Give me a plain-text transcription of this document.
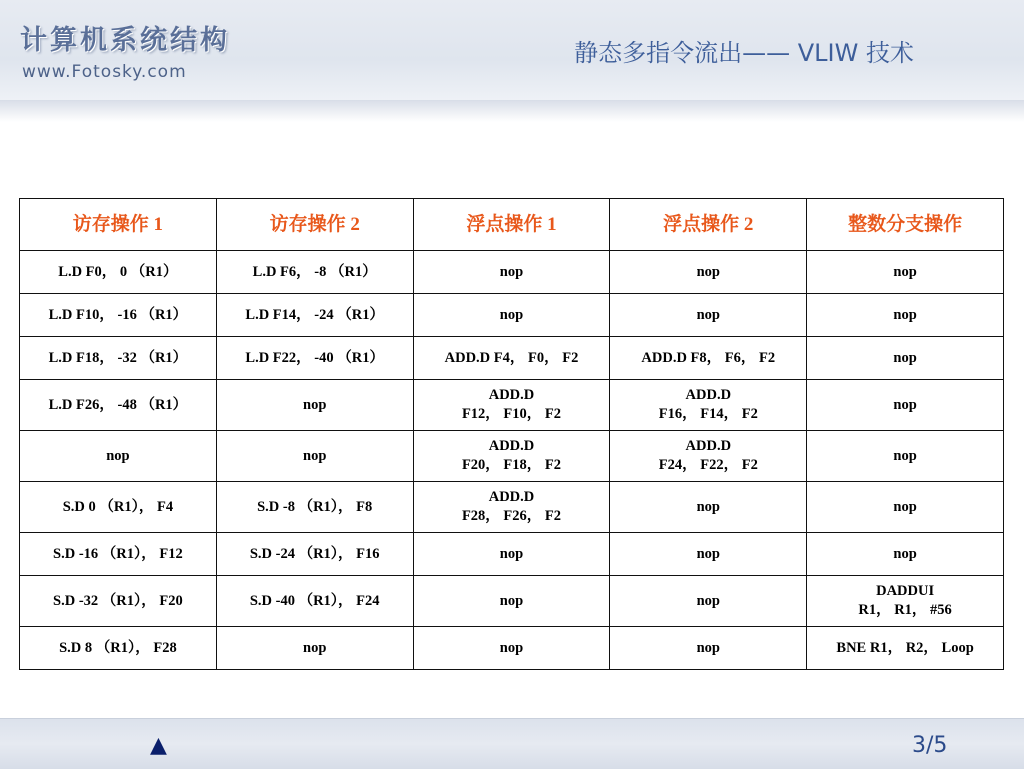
计算机系统结构
www.Fotosky.com
静态多指令流出—— VLIW 技术
访存操作 1	访存操作 2	浮点操作 1	浮点操作 2	整数分支操作

L.D F0， 0 （R1）	L.D F6， -8 （R1）	nop	nop	nop

L.D F10， -16 （R1）	L.D F14， -24 （R1）	nop	nop	nop

L.D F18， -32 （R1）	L.D F22， -40 （R1）	ADD.D F4， F0， F2	ADD.D F8， F6， F2	nop

L.D F26， -48 （R1）	nop	ADD.D
F12， F10， F2	ADD.D
F16， F14， F2	nop

nop	nop	ADD.D
F20， F18， F2	ADD.D
F24， F22， F2	nop

S.D 0 （R1）， F4	S.D -8 （R1）， F8	ADD.D
F28， F26， F2	nop	nop

S.D -16 （R1）， F12	S.D -24 （R1）， F16	nop	nop	nop

S.D -32 （R1）， F20	S.D -40 （R1）， F24	nop	nop	DADDUI
R1， R1， #56

S.D 8 （R1）， F28	nop	nop	nop	BNE R1， R2， Loop
▲	3/5
